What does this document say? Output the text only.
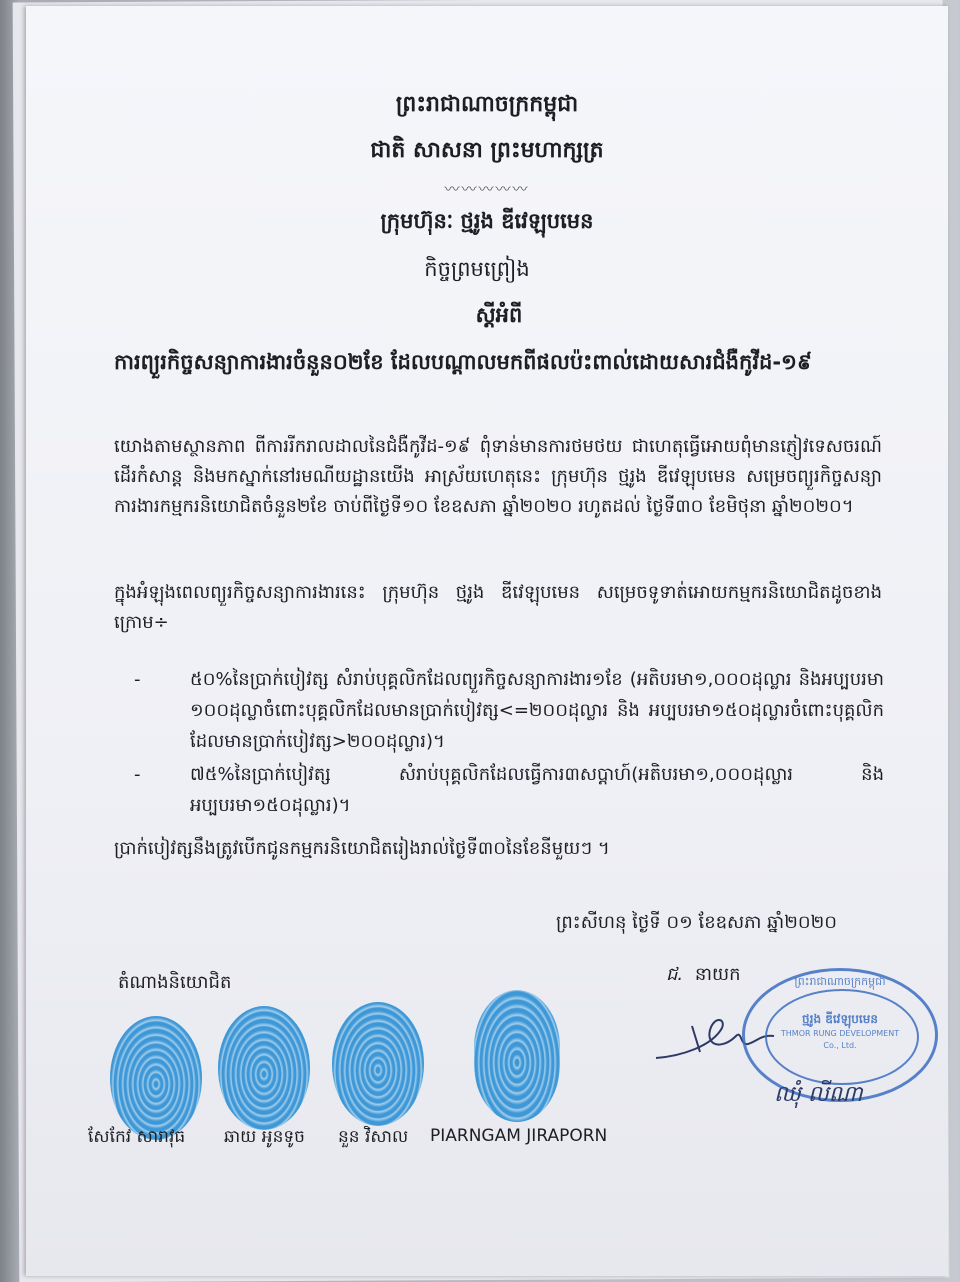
ព្រះរាជាណាចក្រកម្ពុជា
ជាតិ សាសនា ព្រះមហាក្សត្រ
〰〰〰〰〰
ក្រុមហ៊ុនៈ ថ្មរូង ឌីវេឡុបមេន
កិច្ចព្រមព្រៀង
ស្តីអំពី
ការព្យួរកិច្ចសន្យាការងារចំនួន០២ខែ ដែលបណ្តាលមកពីផលប៉ះពាល់ដោយសារជំងឺកូវីដ-១៩
យោងតាមស្ថានភាព ពីការរីករាលដាលនៃជំងឺកូវីដ-១៩ ពុំទាន់មានការថមថយ ជាហេតុធ្វើអោយពុំមានភ្ញៀវទេសចរណ៍ដើរកំសាន្ត និងមកស្នាក់នៅរមណីយដ្ឋានយើង អាស្រ័យហេតុនេះ ក្រុមហ៊ុន ថ្មរូង ឌីវេឡុបមេន សម្រេចព្យួរកិច្ចសន្យាការងារកម្មករនិយោជិតចំនួន២ខែ ចាប់ពីថ្ងៃទី១០ ខែឧសភា ឆ្នាំ២០២០ រហូតដល់ ថ្ងៃទី៣០ ខែមិថុនា ឆ្នាំ២០២០។
ក្នុងអំឡុងពេលព្យួរកិច្ចសន្យាការងារនេះ ក្រុមហ៊ុន ថ្មរូង ឌីវេឡុបមេន សម្រេចទូទាត់អោយកម្មករនិយោជិតដូចខាងក្រោម÷
-	៥០%នៃប្រាក់បៀវត្ស សំរាប់បុគ្គលិកដែលព្យួរកិច្ចសន្យាការងារ១ខែ (អតិបរមា១,០០០ដុល្លារ និងអប្បបរមា ១០០ដុល្លាចំពោះបុគ្គលិកដែលមានប្រាក់បៀវត្ស<=២០០ដុល្លារ និង អប្បបរមា១៥០ដុល្លារចំពោះបុគ្គលិកដែលមានប្រាក់បៀវត្ស>២០០ដុល្លារ)។
-	៧៥%នៃប្រាក់បៀវត្ស សំរាប់បុគ្គលិកដែលធ្វើការ៣សប្តាហ៍(អតិបរមា១,០០០ដុល្លារ និងអប្បបរមា១៥០ដុល្លារ)។
ប្រាក់បៀវត្សនឹងត្រូវបើកជូនកម្មករនិយោជិតរៀងរាល់ថ្ងៃទី៣០នៃខែនីមួយៗ ។
ព្រះសីហនុ ថ្ងៃទី ០១ ខែឧសភា ឆ្នាំ២០២០
តំណាងនិយោជិត	ជ. នាយក
សែកែវ សារាវុធ ឆាយ អូនទូច នួន វិសាល PIARNGAM JIRAPORN
ព្រះរាជាណាចក្រកម្ពុជា
ថ្មរូង ឌីវេឡុបមេន
THMOR RUNG DEVELOPMENT
Co., Ltd.
ឈុំ លីណា
